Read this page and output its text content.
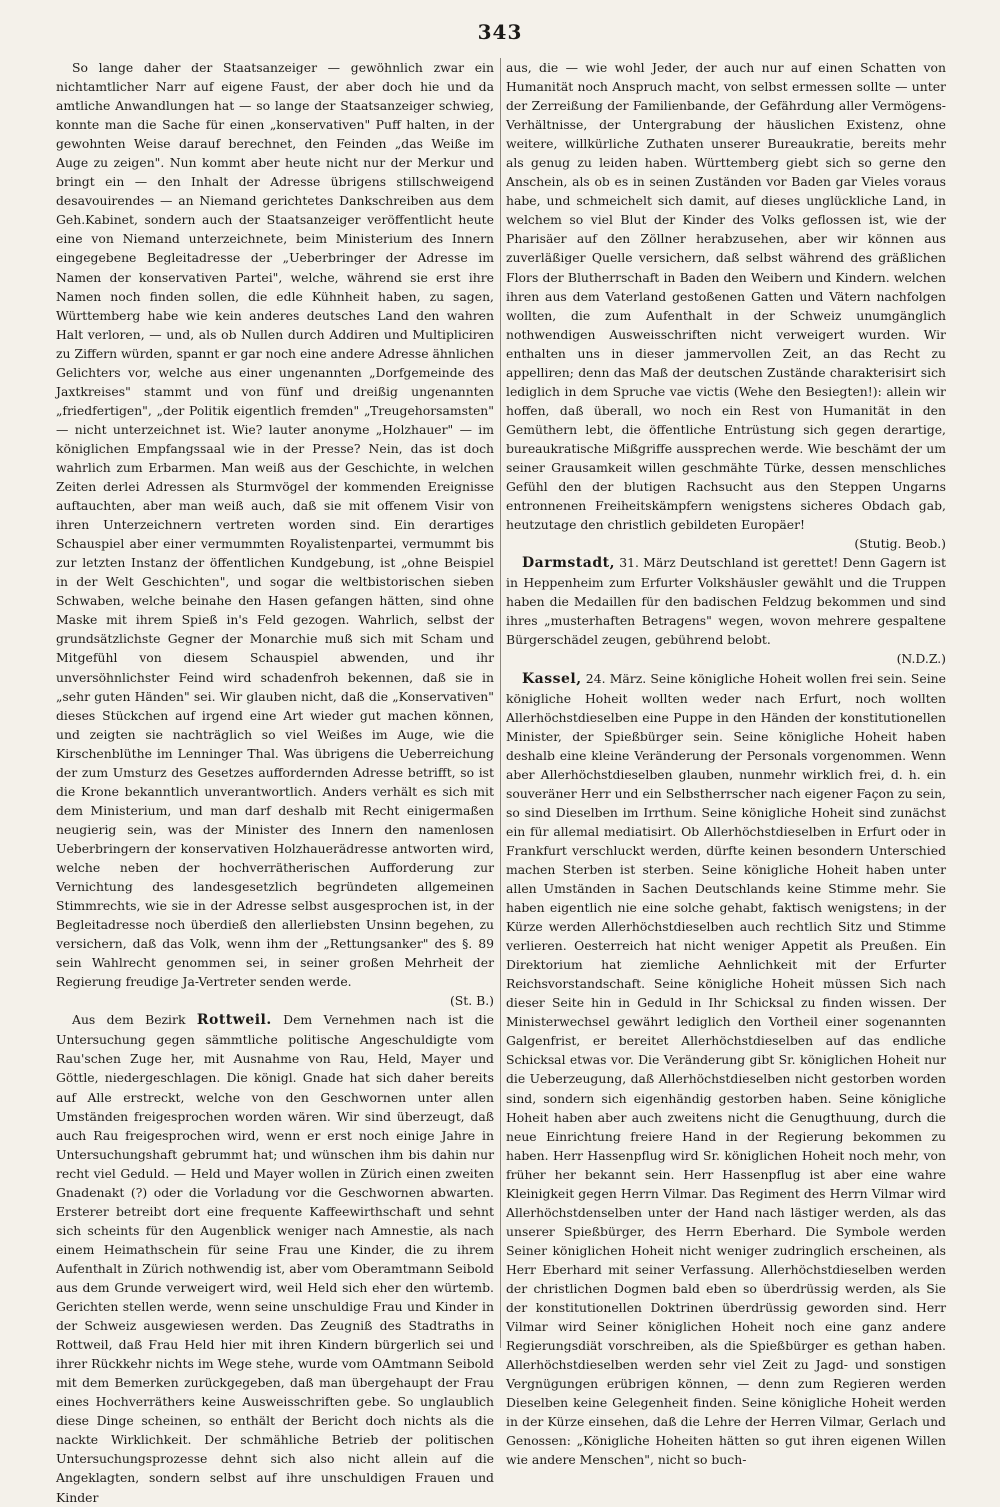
343

So lange daher der Staatsanzeiger — gewöhnlich zwar ein nichtamtlicher Narr auf eigene Faust, der aber doch hie und da amtliche Anwandlungen hat — so lange der Staatsanzeiger schwieg, konnte man die Sache für einen „konservativen" Puff halten, in der gewohnten Weise darauf berechnet, den Feinden „das Weiße im Auge zu zeigen". Nun kommt aber heute nicht nur der Merkur und bringt ein — den Inhalt der Adresse übrigens stillschweigend desavouirendes — an Niemand gerichtetes Dankschreiben aus dem Geh.Kabinet, sondern auch der Staatsanzeiger veröffentlicht heute eine von Niemand unterzeichnete, beim Ministerium des Innern eingegebene Begleitadresse der „Ueberbringer der Adresse im Namen der konservativen Partei", welche, während sie erst ihre Namen noch finden sollen, die edle Kühnheit haben, zu sagen, Württemberg habe wie kein anderes deutsches Land den wahren Halt verloren, — und, als ob Nullen durch Addiren und Multipliciren zu Ziffern würden, spannt er gar noch eine andere Adresse ähnlichen Gelichters vor, welche aus einer ungenannten „Dorfgemeinde des Jaxtkreises" stammt und von fünf und dreißig ungenannten „friedfertigen", „der Politik eigentlich fremden" „Treugehorsamsten" — nicht unterzeichnet ist. Wie? lauter anonyme „Holzhauer" — im königlichen Empfangssaal wie in der Presse? Nein, das ist doch wahrlich zum Erbarmen. Man weiß aus der Geschichte, in welchen Zeiten derlei Adressen als Sturmvögel der kommenden Ereignisse auftauchten, aber man weiß auch, daß sie mit offenem Visir von ihren Unterzeichnern vertreten worden sind. Ein derartiges Schauspiel aber einer vermummten Royalistenpartei, vermummt bis zur letzten Instanz der öffentlichen Kundgebung, ist „ohne Beispiel in der Welt Geschichten", und sogar die weltbistorischen sieben Schwaben, welche beinahe den Hasen gefangen hätten, sind ohne Maske mit ihrem Spieß in's Feld gezogen. Wahrlich, selbst der grundsätzlichste Gegner der Monarchie muß sich mit Scham und Mitgefühl von diesem Schauspiel abwenden, und ihr unversöhnlichster Feind wird schadenfroh bekennen, daß sie in „sehr guten Händen" sei. Wir glauben nicht, daß die „Konservativen" dieses Stückchen auf irgend eine Art wieder gut machen können, und zeigten sie nachträglich so viel Weißes im Auge, wie die Kirschenblüthe im Lenninger Thal. Was übrigens die Ueberreichung der zum Umsturz des Gesetzes auffordernden Adresse betrifft, so ist die Krone bekanntlich unverantwortlich. Anders verhält es sich mit dem Ministerium, und man darf deshalb mit Recht einigermaßen neugierig sein, was der Minister des Innern den namenlosen Ueberbringern der konservativen Holzhauerädresse antworten wird, welche neben der hochverrätherischen Aufforderung zur Vernichtung des landesgesetzlich begründeten allgemeinen Stimmrechts, wie sie in der Adresse selbst ausgesprochen ist, in der Begleitadresse noch überdieß den allerliebsten Unsinn begehen, zu versichern, daß das Volk, wenn ihm der „Rettungsanker" des §. 89 sein Wahlrecht genommen sei, in seiner großen Mehrheit der Regierung freudige Ja-Vertreter senden werde.
(St. B.)

Aus dem Bezirk Rottweil. Dem Vernehmen nach ist die Untersuchung gegen sämmtliche politische Angeschuldigte vom Rau'schen Zuge her, mit Ausnahme von Rau, Held, Mayer und Göttle, niedergeschlagen. Die königl. Gnade hat sich daher bereits auf Alle erstreckt, welche von den Geschwornen unter allen Umständen freigesprochen worden wären. Wir sind überzeugt, daß auch Rau freigesprochen wird, wenn er erst noch einige Jahre in Untersuchungshaft gebrummt hat; und wünschen ihm bis dahin nur recht viel Geduld. — Held und Mayer wollen in Zürich einen zweiten Gnadenakt (?) oder die Vorladung vor die Geschwornen abwarten. Ersterer betreibt dort eine frequente Kaffeewirthschaft und sehnt sich scheints für den Augenblick weniger nach Amnestie, als nach einem Heimathschein für seine Frau une Kinder, die zu ihrem Aufenthalt in Zürich nothwendig ist, aber vom Oberamtmann Seibold aus dem Grunde verweigert wird, weil Held sich eher den würtemb. Gerichten stellen werde, wenn seine unschuldige Frau und Kinder in der Schweiz ausgewiesen werden. Das Zeugniß des Stadtraths in Rottweil, daß Frau Held hier mit ihren Kindern bürgerlich sei und ihrer Rückkehr nichts im Wege stehe, wurde vom OAmtmann Seibold mit dem Bemerken zurückgegeben, daß man übergehaupt der Frau eines Hochverräthers keine Ausweisschriften gebe. So unglaublich diese Dinge scheinen, so enthält der Bericht doch nichts als die nackte Wirklichkeit. Der schmähliche Betrieb der politischen Untersuchungsprozesse dehnt sich also nicht allein auf die Angeklagten, sondern selbst auf ihre unschuldigen Frauen und Kinder

aus, die — wie wohl Jeder, der auch nur auf einen Schatten von Humanität noch Anspruch macht, von selbst ermessen sollte — unter der Zerreißung der Familienbande, der Gefährdung aller Vermögens-Verhältnisse, der Untergrabung der häuslichen Existenz, ohne weitere, willkürliche Zuthaten unserer Bureaukratie, bereits mehr als genug zu leiden haben. Württemberg giebt sich so gerne den Anschein, als ob es in seinen Zuständen vor Baden gar Vieles voraus habe, und schmeichelt sich damit, auf dieses unglückliche Land, in welchem so viel Blut der Kinder des Volks geflossen ist, wie der Pharisäer auf den Zöllner herabzusehen, aber wir können aus zuverläßiger Quelle versichern, daß selbst während des gräßlichen Flors der Blutherrschaft in Baden den Weibern und Kindern. welchen ihren aus dem Vaterland gestoßenen Gatten und Vätern nachfolgen wollten, die zum Aufenthalt in der Schweiz unumgänglich nothwendigen Ausweisschriften nicht verweigert wurden. Wir enthalten uns in dieser jammervollen Zeit, an das Recht zu appelliren; denn das Maß der deutschen Zustände charakterisirt sich lediglich in dem Spruche vae victis (Wehe den Besiegten!): allein wir hoffen, daß überall, wo noch ein Rest von Humanität in den Gemüthern lebt, die öffentliche Entrüstung sich gegen derartige, bureaukratische Mißgriffe aussprechen werde. Wie beschämt der um seiner Grausamkeit willen geschmähte Türke, dessen menschliches Gefühl den der blutigen Rachsucht aus den Steppen Ungarns entronnenen Freiheitskämpfern wenigstens sicheres Obdach gab, heutzutage den christlich gebildeten Europäer!
(Stutig. Beob.)

Darmstadt, 31. März Deutschland ist gerettet! Denn Gagern ist in Heppenheim zum Erfurter Volkshäusler gewählt und die Truppen haben die Medaillen für den badischen Feldzug bekommen und sind ihres „musterhaften Betragens" wegen, wovon mehrere gespaltene Bürgerschädel zeugen, gebührend belobt.
(N.D.Z.)

Kassel, 24. März. Seine königliche Hoheit wollen frei sein. Seine königliche Hoheit wollten weder nach Erfurt, noch wollten Allerhöchstdieselben eine Puppe in den Händen der konstitutionellen Minister, der Spießbürger sein. Seine königliche Hoheit haben deshalb eine kleine Veränderung der Personals vorgenommen. Wenn aber Allerhöchstdieselben glauben, nunmehr wirklich frei, d. h. ein souveräner Herr und ein Selbstherrscher nach eigener Façon zu sein, so sind Dieselben im Irrthum. Seine königliche Hoheit sind zunächst ein für allemal mediatisirt. Ob Allerhöchstdieselben in Erfurt oder in Frankfurt verschluckt werden, dürfte keinen besondern Unterschied machen Sterben ist sterben. Seine königliche Hoheit haben unter allen Umständen in Sachen Deutschlands keine Stimme mehr. Sie haben eigentlich nie eine solche gehabt, faktisch wenigstens; in der Kürze werden Allerhöchstdieselben auch rechtlich Sitz und Stimme verlieren. Oesterreich hat nicht weniger Appetit als Preußen. Ein Direktorium hat ziemliche Aehnlichkeit mit der Erfurter Reichsvorstandschaft. Seine königliche Hoheit müssen Sich nach dieser Seite hin in Geduld in Ihr Schicksal zu finden wissen. Der Ministerwechsel gewährt lediglich den Vortheil einer sogenannten Galgenfrist, er bereitet Allerhöchstdieselben auf das endliche Schicksal etwas vor. Die Veränderung gibt Sr. königlichen Hoheit nur die Ueberzeugung, daß Allerhöchstdieselben nicht gestorben worden sind, sondern sich eigenhändig gestorben haben. Seine königliche Hoheit haben aber auch zweitens nicht die Genugthuung, durch die neue Einrichtung freiere Hand in der Regierung bekommen zu haben. Herr Hassenpflug wird Sr. königlichen Hoheit noch mehr, von früher her bekannt sein. Herr Hassenpflug ist aber eine wahre Kleinigkeit gegen Herrn Vilmar. Das Regiment des Herrn Vilmar wird Allerhöchstdenselben unter der Hand nach lästiger werden, als das unserer Spießbürger, des Herrn Eberhard. Die Symbole werden Seiner königlichen Hoheit nicht weniger zudringlich erscheinen, als Herr Eberhard mit seiner Verfassung. Allerhöchstdieselben werden der christlichen Dogmen bald eben so überdrüssig werden, als Sie der konstitutionellen Doktrinen überdrüssig geworden sind. Herr Vilmar wird Seiner königlichen Hoheit noch eine ganz andere Regierungsdiät vorschreiben, als die Spießbürger es gethan haben. Allerhöchstdieselben werden sehr viel Zeit zu Jagd- und sonstigen Vergnügungen erübrigen können, — denn zum Regieren werden Dieselben keine Gelegenheit finden. Seine königliche Hoheit werden in der Kürze einsehen, daß die Lehre der Herren Vilmar, Gerlach und Genossen: „Königliche Hoheiten hätten so gut ihren eigenen Willen wie andere Menschen", nicht so buch-
